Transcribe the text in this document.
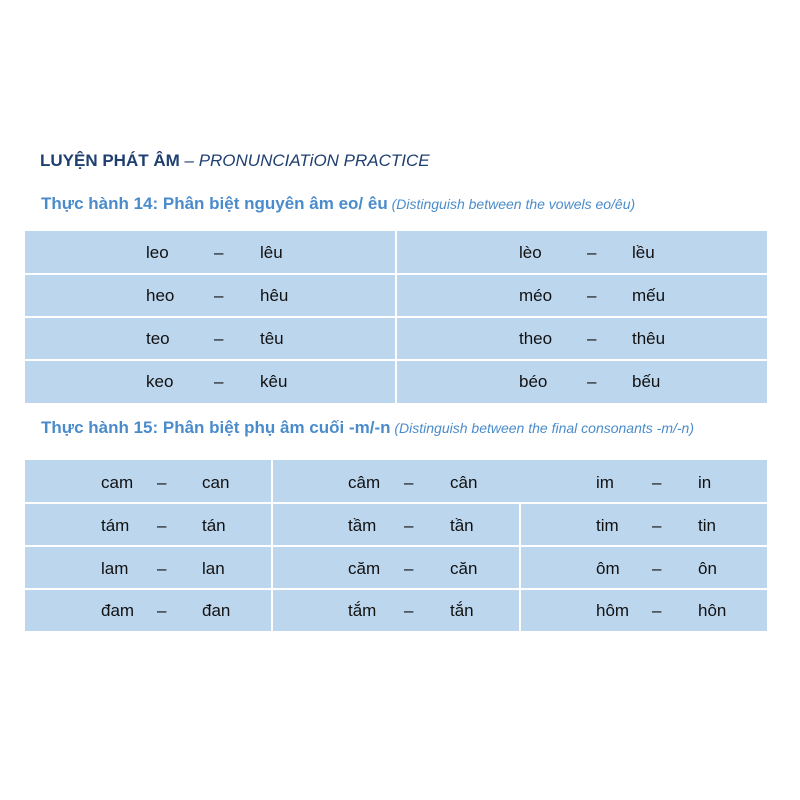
LUYỆN PHÁT ÂM – PRONUNCIATiON PRACTICE
Thực hành 14: Phân biệt nguyên âm eo/ êu (Distinguish between the vowels eo/êu)
leo	– lêu	lèo	– lều
heo – hêu	méo – mếu
teo	– têu	theo – thêu
keo – kêu	béo – bếu
Thực hành 15: Phân biệt phụ âm cuối -m/-n (Distinguish between the final consonants -m/-n)
cam – can	câm – cân	im – in
tám – tán	tầm – tần	tim – tin
lam – lan	căm – căn	ôm – ôn
đam – đan	tắm – tắn	hôm – hôn
